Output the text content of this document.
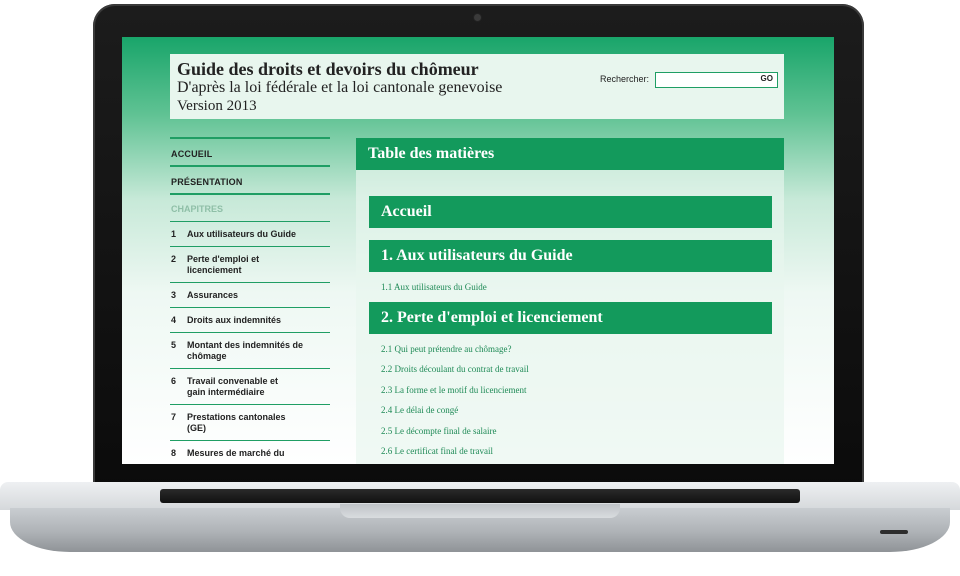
Guide des droits et devoirs du chômeur
D'après la loi fédérale et la loi cantonale genevoise
Version 2013
Rechercher:	GO
ACCUEIL
PRÉSENTATION
CHAPITRES
1	Aux utilisateurs du Guide
2	Perte d'emploi et licenciement
3	Assurances
4	Droits aux indemnités
5	Montant des indemnités de chômage
6	Travail convenable et gain intermédiaire
7	Prestations cantonales (GE)
8	Mesures de marché du
Table des matières
Accueil
1. Aux utilisateurs du Guide
1.1 Aux utilisateurs du Guide
2. Perte d'emploi et licenciement
2.1 Qui peut prétendre au chômage?
2.2 Droits découlant du contrat de travail
2.3 La forme et le motif du licenciement
2.4 Le délai de congé
2.5 Le décompte final de salaire
2.6 Le certificat final de travail
